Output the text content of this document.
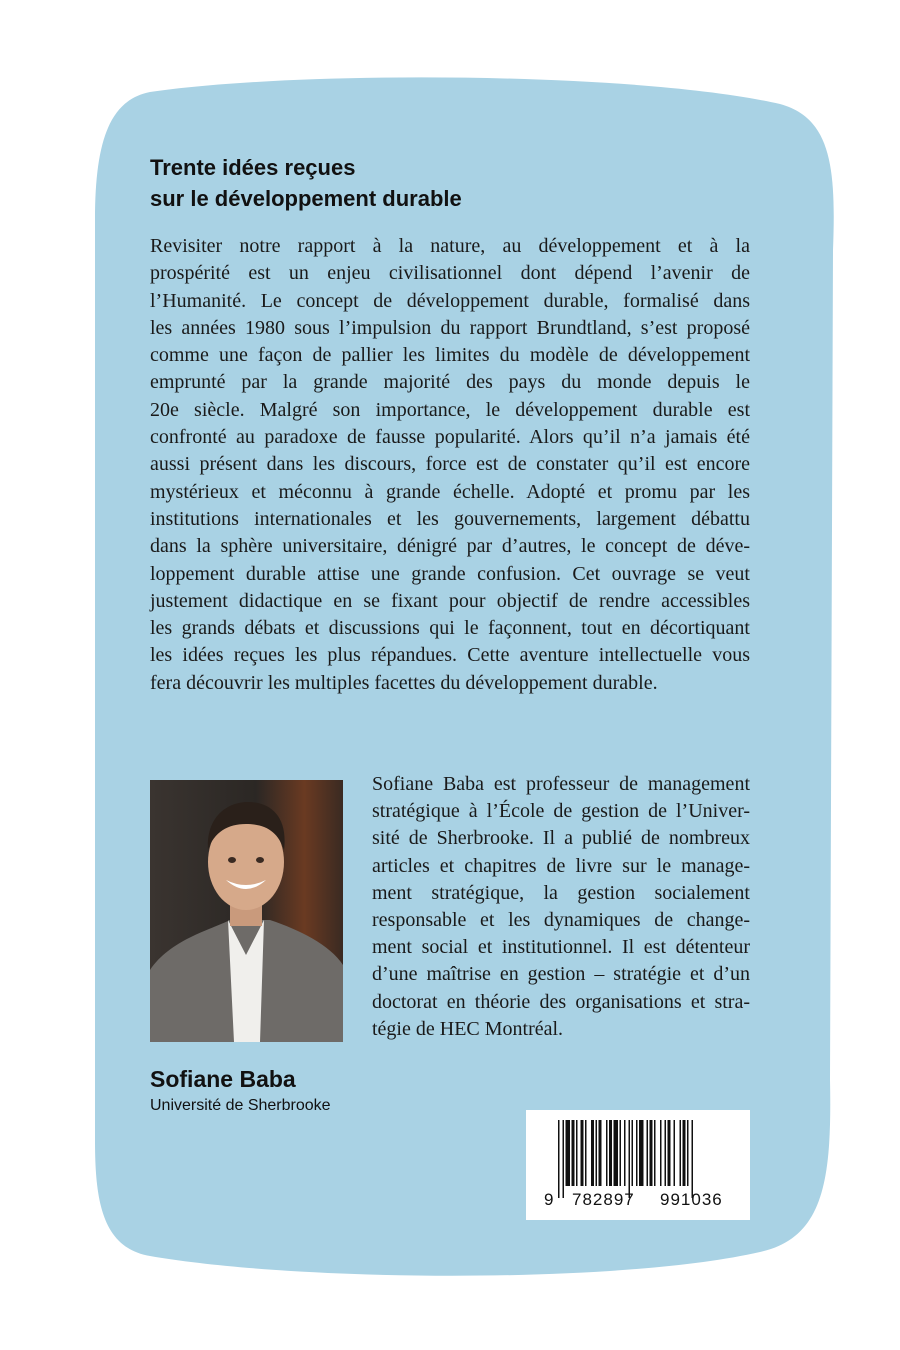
Trente idées reçues
sur le développement durable
Revisiter notre rapport à la nature, au développement et à la
prospérité est un enjeu civilisationnel dont dépend l’avenir de
l’Humanité. Le concept de développement durable, formalisé dans
les années 1980 sous l’impulsion du rapport Brundtland, s’est proposé
comme une façon de pallier les limites du modèle de développement
emprunté par la grande majorité des pays du monde depuis le
20e siècle. Malgré son importance, le développement durable est
confronté au paradoxe de fausse popularité. Alors qu’il n’a jamais été
aussi présent dans les discours, force est de constater qu’il est encore
mystérieux et méconnu à grande échelle. Adopté et promu par les
institutions internationales et les gouvernements, largement débattu
dans la sphère universitaire, dénigré par d’autres, le concept de déve-
loppement durable attise une grande confusion. Cet ouvrage se veut
justement didactique en se fixant pour objectif de rendre accessibles
les grands débats et discussions qui le façonnent, tout en décortiquant
les idées reçues les plus répandues. Cette aventure intellectuelle vous
fera découvrir les multiples facettes du développement durable.
Sofiane Baba est professeur de management
stratégique à l’École de gestion de l’Univer-
sité de Sherbrooke. Il a publié de nombreux
articles et chapitres de livre sur le manage-
ment stratégique, la gestion socialement
responsable et les dynamiques de change-
ment social et institutionnel. Il est détenteur
d’une maîtrise en gestion – stratégie et d’un
doctorat en théorie des organisations et stra-
tégie de HEC Montréal.
Sofiane Baba
Université de Sherbrooke
9 782897 991036
